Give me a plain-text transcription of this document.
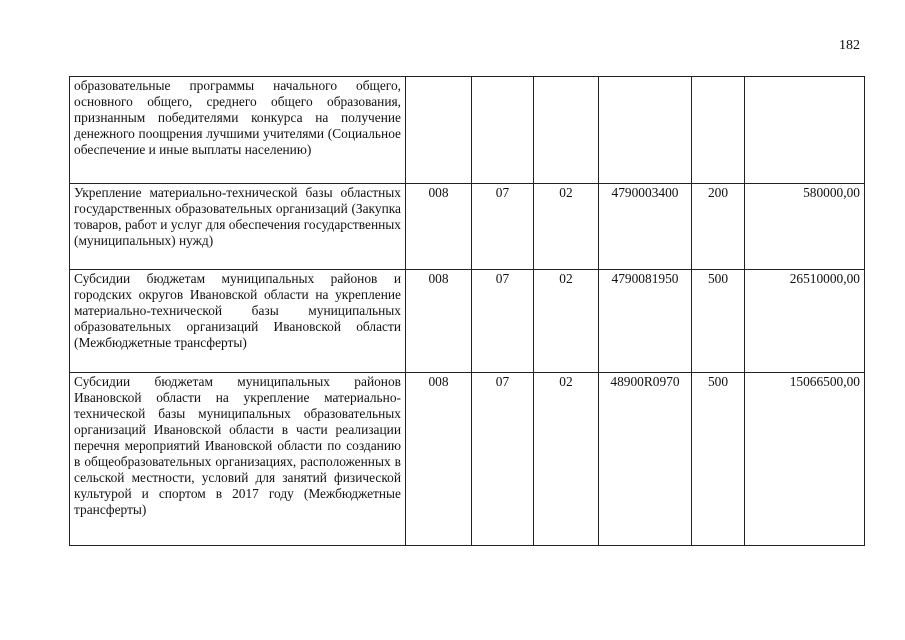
182
образовательные программы начального общего, основного общего, среднего общего образования, признанным победителями конкурса на получение денежного поощрения лучшими учителями (Социальное обеспечение и иные выплаты населению)						
Укрепление материально-технической базы областных государственных образовательных организаций (Закупка товаров, работ и услуг для обеспечения государственных (муниципальных) нужд)	008	07	02	4790003400	200	580000,00
Субсидии бюджетам муниципальных районов и городских округов Ивановской области на укрепление материально-технической базы муниципальных образовательных организаций Ивановской области (Межбюджетные трансферты)	008	07	02	4790081950	500	26510000,00
Субсидии бюджетам муниципальных районов Ивановской области на укрепление материально-технической базы муниципальных образовательных организаций Ивановской области в части реализации перечня мероприятий Ивановской области по созданию в общеобразовательных организациях, расположенных в сельской местности, условий для занятий физической культурой и спортом в 2017 году (Межбюджетные трансферты)	008	07	02	48900R0970	500	15066500,00
